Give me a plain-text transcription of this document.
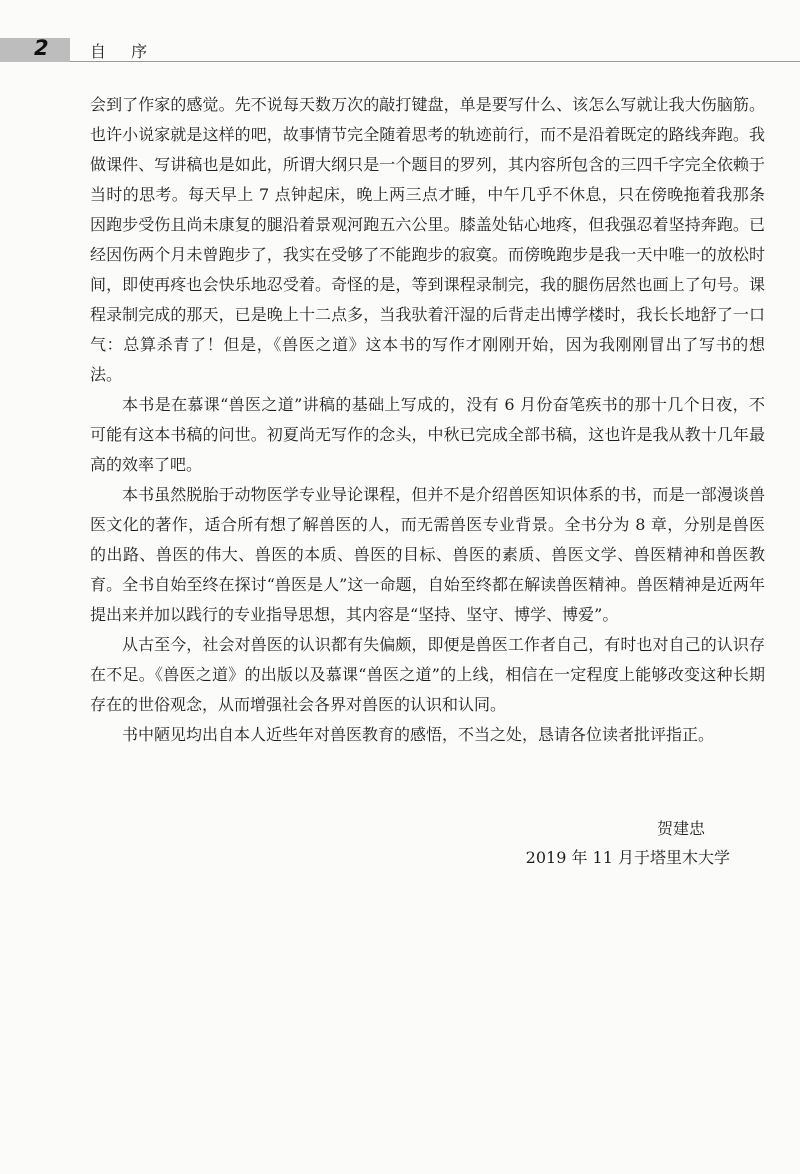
2	自 序

会到了作家的感觉。先不说每天数万次的敲打键盘，单是要写什么、该怎么写就让我大伤脑筋。也许小说家就是这样的吧，故事情节完全随着思考的轨迹前行，而不是沿着既定的路线奔跑。我做课件、写讲稿也是如此，所谓大纲只是一个题目的罗列，其内容所包含的三四千字完全依赖于当时的思考。每天早上 7 点钟起床，晚上两三点才睡，中午几乎不休息，只在傍晚拖着我那条因跑步受伤且尚未康复的腿沿着景观河跑五六公里。膝盖处钻心地疼，但我强忍着坚持奔跑。已经因伤两个月未曾跑步了，我实在受够了不能跑步的寂寞。而傍晚跑步是我一天中唯一的放松时间，即使再疼也会快乐地忍受着。奇怪的是，等到课程录制完，我的腿伤居然也画上了句号。课程录制完成的那天，已是晚上十二点多，当我驮着汗湿的后背走出博学楼时，我长长地舒了一口气：总算杀青了！但是，《兽医之道》这本书的写作才刚刚开始，因为我刚刚冒出了写书的想法。

本书是在慕课“兽医之道”讲稿的基础上写成的，没有 6 月份奋笔疾书的那十几个日夜，不可能有这本书稿的问世。初夏尚无写作的念头，中秋已完成全部书稿，这也许是我从教十几年最高的效率了吧。

本书虽然脱胎于动物医学专业导论课程，但并不是介绍兽医知识体系的书，而是一部漫谈兽医文化的著作，适合所有想了解兽医的人，而无需兽医专业背景。全书分为 8 章，分别是兽医的出路、兽医的伟大、兽医的本质、兽医的目标、兽医的素质、兽医文学、兽医精神和兽医教育。全书自始至终在探讨“兽医是人”这一命题，自始至终都在解读兽医精神。兽医精神是近两年提出来并加以践行的专业指导思想，其内容是“坚持、坚守、博学、博爱”。

从古至今，社会对兽医的认识都有失偏颇，即便是兽医工作者自己，有时也对自己的认识存在不足。《兽医之道》的出版以及慕课“兽医之道”的上线，相信在一定程度上能够改变这种长期存在的世俗观念，从而增强社会各界对兽医的认识和认同。

书中陋见均出自本人近些年对兽医教育的感悟，不当之处，恳请各位读者批评指正。

贺建忠
2019 年 11 月于塔里木大学
